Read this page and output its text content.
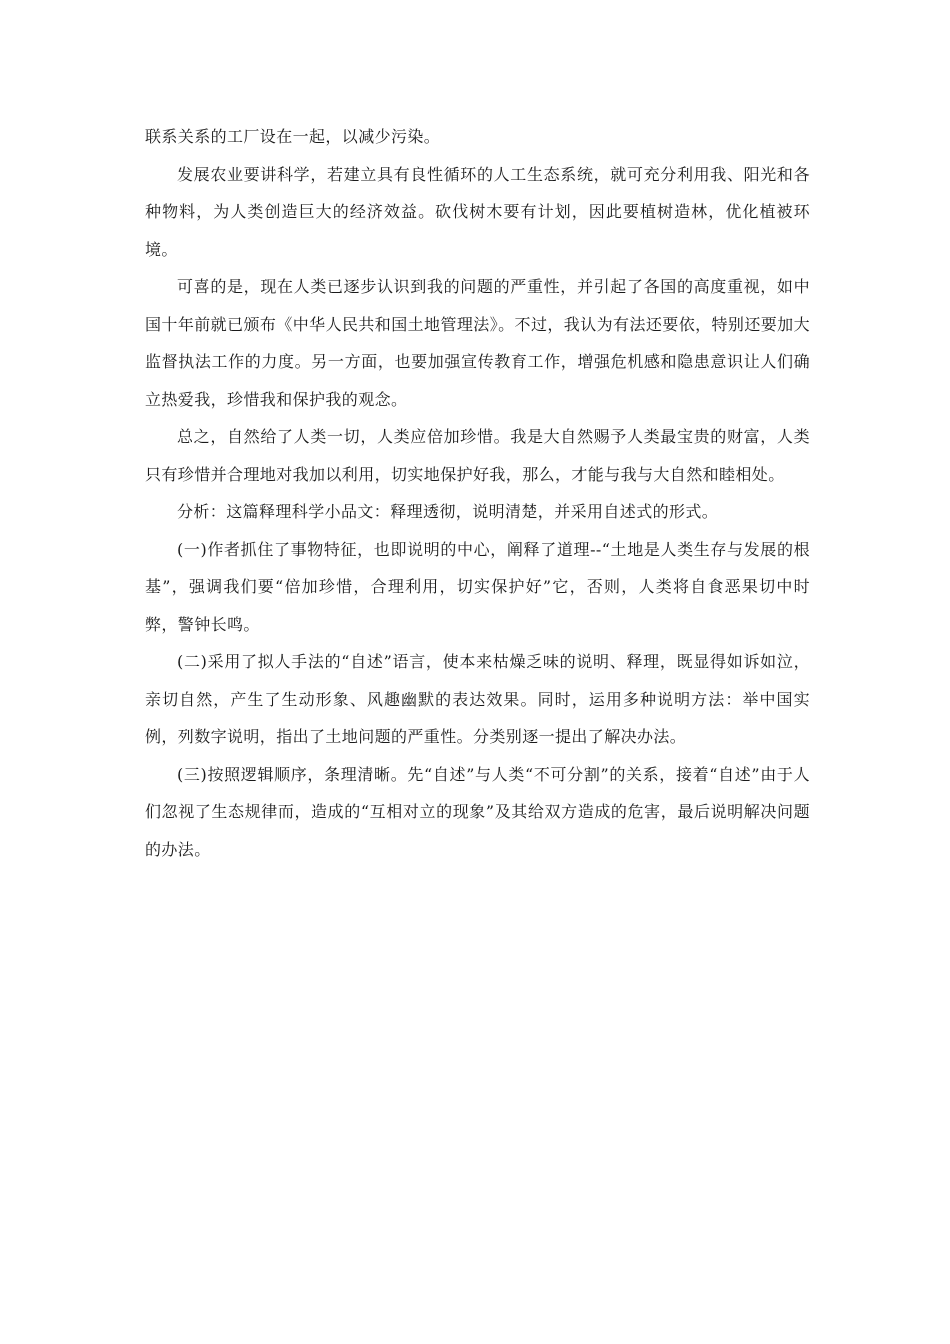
联系关系的工厂设在一起，以减少污染。

发展农业要讲科学，若建立具有良性循环的人工生态系统，就可充分利用我、阳光和各种物料，为人类创造巨大的经济效益。砍伐树木要有计划，因此要植树造林，优化植被环境。

可喜的是，现在人类已逐步认识到我的问题的严重性，并引起了各国的高度重视，如中国十年前就已颁布《中华人民共和国土地管理法》。不过，我认为有法还要依，特别还要加大监督执法工作的力度。另一方面，也要加强宣传教育工作，增强危机感和隐患意识让人们确立热爱我，珍惜我和保护我的观念。

总之，自然给了人类一切，人类应倍加珍惜。我是大自然赐予人类最宝贵的财富，人类只有珍惜并合理地对我加以利用，切实地保护好我，那么，才能与我与大自然和睦相处。

分析：这篇释理科学小品文：释理透彻，说明清楚，并采用自述式的形式。

(一)作者抓住了事物特征，也即说明的中心，阐释了道理--“土地是人类生存与发展的根基”，强调我们要“倍加珍惜，合理利用，切实保护好”它，否则，人类将自食恶果切中时弊，警钟长鸣。

(二)采用了拟人手法的“自述”语言，使本来枯燥乏味的说明、释理，既显得如诉如泣，亲切自然，产生了生动形象、风趣幽默的表达效果。同时，运用多种说明方法：举中国实例，列数字说明，指出了土地问题的严重性。分类别逐一提出了解决办法。

(三)按照逻辑顺序，条理清晰。先“自述”与人类“不可分割”的关系，接着“自述”由于人们忽视了生态规律而，造成的“互相对立的现象”及其给双方造成的危害，最后说明解决问题的办法。
